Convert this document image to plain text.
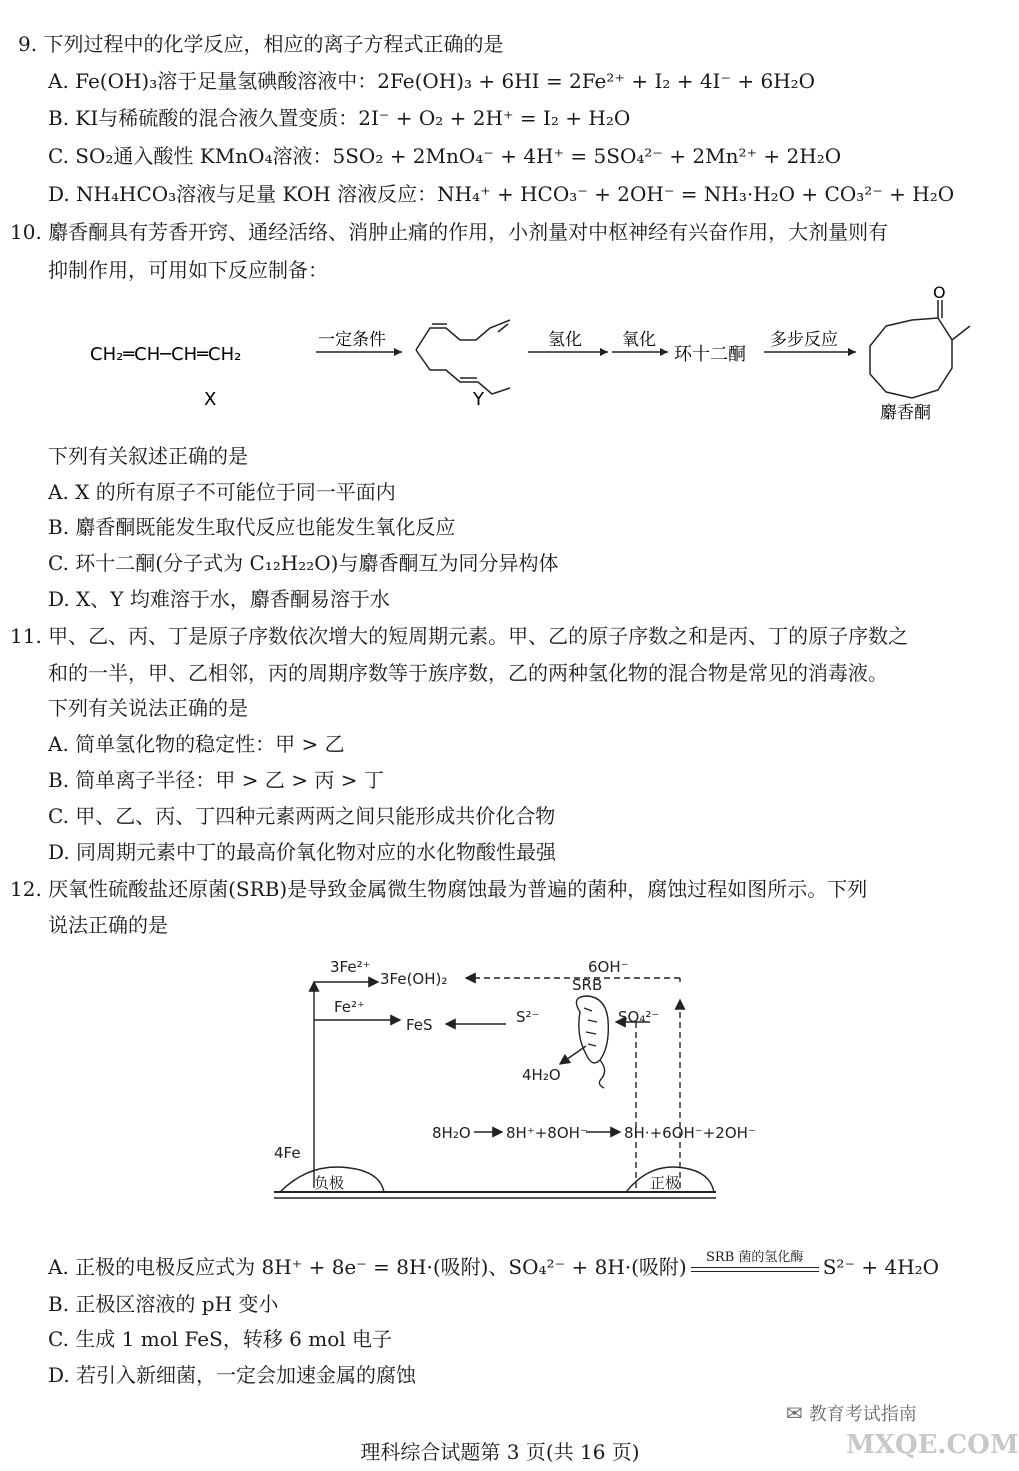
9. 下列过程中的化学反应，相应的离子方程式正确的是
A. Fe(OH)₃溶于足量氢碘酸溶液中：2Fe(OH)₃ + 6HI = 2Fe²⁺ + I₂ + 4I⁻ + 6H₂O
B. KI与稀硫酸的混合液久置变质：2I⁻ + O₂ + 2H⁺ = I₂ + H₂O
C. SO₂通入酸性 KMnO₄溶液：5SO₂ + 2MnO₄⁻ + 4H⁺ = 5SO₄²⁻ + 2Mn²⁺ + 2H₂O
D. NH₄HCO₃溶液与足量 KOH 溶液反应：NH₄⁺ + HCO₃⁻ + 2OH⁻ = NH₃·H₂O + CO₃²⁻ + H₂O
10. 麝香酮具有芳香开窍、通经活络、消肿止痛的作用，小剂量对中枢神经有兴奋作用，大剂量则有
抑制作用，可用如下反应制备：
CH₂═CH─CH═CH₂
X
一定条件
Y
氢化 氧化
环十二酮
多步反应
O
麝香酮
下列有关叙述正确的是
A. X 的所有原子不可能位于同一平面内
B. 麝香酮既能发生取代反应也能发生氧化反应
C. 环十二酮(分子式为 C₁₂H₂₂O)与麝香酮互为同分异构体
D. X、Y 均难溶于水，麝香酮易溶于水
11. 甲、乙、丙、丁是原子序数依次增大的短周期元素。甲、乙的原子序数之和是丙、丁的原子序数之
和的一半，甲、乙相邻，丙的周期序数等于族序数，乙的两种氢化物的混合物是常见的消毒液。
下列有关说法正确的是
A. 简单氢化物的稳定性：甲 > 乙
B. 简单离子半径：甲 > 乙 > 丙 > 丁
C. 甲、乙、丙、丁四种元素两两之间只能形成共价化合物
D. 同周期元素中丁的最高价氧化物对应的水化物酸性最强
12. 厌氧性硫酸盐还原菌(SRB)是导致金属微生物腐蚀最为普遍的菌种，腐蚀过程如图所示。下列
说法正确的是
3Fe²⁺
3Fe(OH)₂
6OH⁻
Fe²⁺
FeS	S²⁻
SRB
SO₄²⁻
4H₂O
8H₂O 8H⁺+8OH⁻ 8H·+6OH⁻+2OH⁻
4Fe
负极	正极
A. 正极的电极反应式为 8H⁺ + 8e⁻ = 8H·(吸附)、SO₄²⁻ + 8H·(吸附) SRB 菌的氢化酶 S²⁻ + 4H₂O
B. 正极区溶液的 pH 变小
C. 生成 1 mol FeS，转移 6 mol 电子
D. 若引入新细菌，一定会加速金属的腐蚀
✉ 教育考试指南
MXQE.COM
理科综合试题第 3 页(共 16 页)
